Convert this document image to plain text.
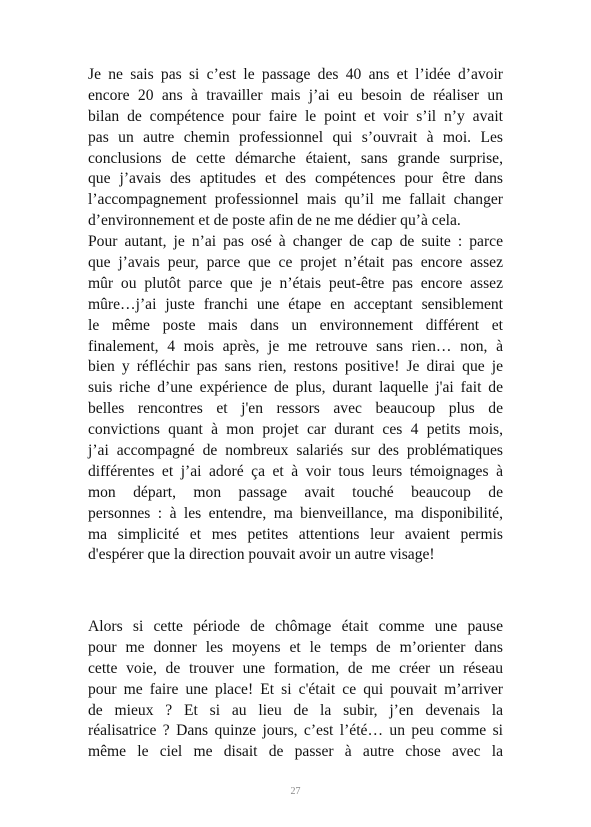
Je ne sais pas si c’est le passage des 40 ans et l’idée d’avoir
encore 20 ans à travailler mais j’ai eu besoin de réaliser un
bilan de compétence pour faire le point et voir s’il n’y avait
pas un autre chemin professionnel qui s’ouvrait à moi. Les
conclusions de cette démarche étaient, sans grande surprise,
que j’avais des aptitudes et des compétences pour être dans
l’accompagnement professionnel mais qu’il me fallait changer
d’environnement et de poste afin de ne me dédier qu’à cela.
Pour autant, je n’ai pas osé à changer de cap de suite : parce
que j’avais peur, parce que ce projet n’était pas encore assez
mûr ou plutôt parce que je n’étais peut-être pas encore assez
mûre…j’ai juste franchi une étape en acceptant sensiblement
le même poste mais dans un environnement différent et
finalement, 4 mois après, je me retrouve sans rien… non, à
bien y réfléchir pas sans rien, restons positive! Je dirai que je
suis riche d’une expérience de plus, durant laquelle j'ai fait de
belles rencontres et j'en ressors avec beaucoup plus de
convictions quant à mon projet car durant ces 4 petits mois,
j’ai accompagné de nombreux salariés sur des problématiques
différentes et j’ai adoré ça et à voir tous leurs témoignages à
mon départ, mon passage avait touché beaucoup de
personnes : à les entendre, ma bienveillance, ma disponibilité,
ma simplicité et mes petites attentions leur avaient permis
d'espérer que la direction pouvait avoir un autre visage!
Alors si cette période de chômage était comme une pause
pour me donner les moyens et le temps de m’orienter dans
cette voie, de trouver une formation, de me créer un réseau
pour me faire une place! Et si c'était ce qui pouvait m’arriver
de mieux ? Et si au lieu de la subir, j’en devenais la
réalisatrice ? Dans quinze jours, c’est l’été… un peu comme si
même le ciel me disait de passer à autre chose avec la
27
